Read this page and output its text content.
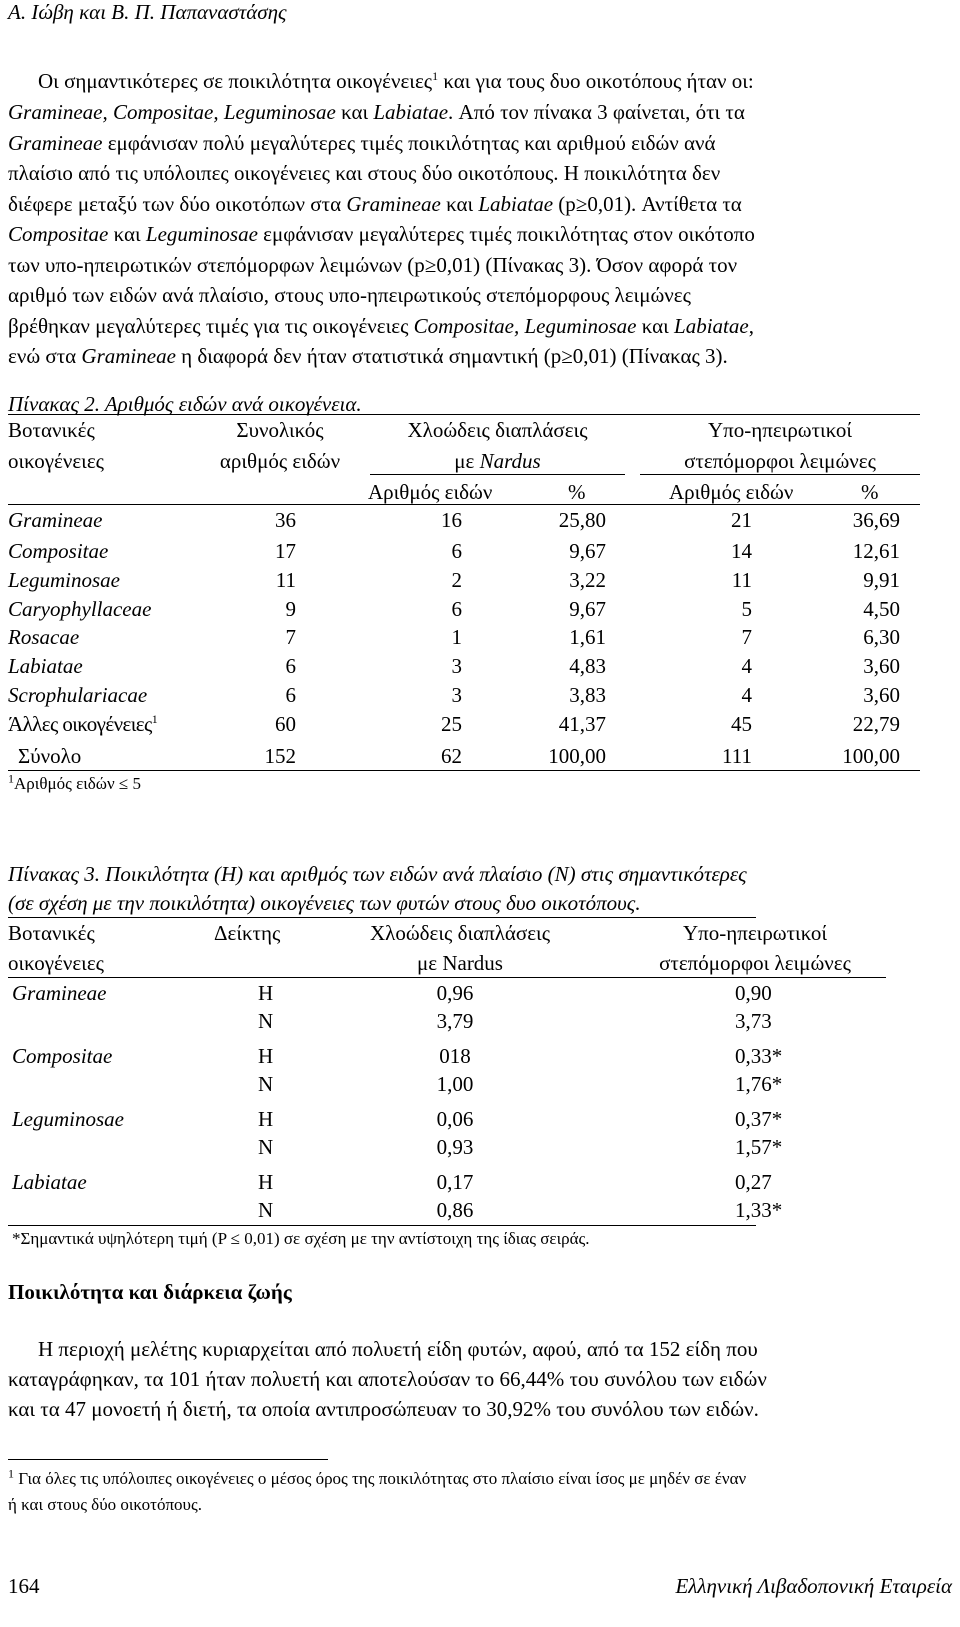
Α. Ιώβη και Β. Π. Παπαναστάσης
Οι σημαντικότερες σε ποικιλότητα οικογένειες$^1$ και για τους δυο οικοτόπους ήταν οι:
Gramineae, Compositae, Leguminosae και Labiatae. Από τον πίνακα 3 φαίνεται, ότι τα
Gramineae εμφάνισαν πολύ μεγαλύτερες τιμές ποικιλότητας και αριθμού ειδών ανά
πλαίσιο από τις υπόλοιπες οικογένειες και στους δύο οικοτόπους. Η ποικιλότητα δεν
διέφερε μεταξύ των δύο οικοτόπων στα Gramineae και Labiatae (p≥0,01). Αντίθετα τα
Compositae και Leguminosae εμφάνισαν μεγαλύτερες τιμές ποικιλότητας στον οικότοπο
των υπο-ηπειρωτικών στεπόμορφων λειμώνων (p≥0,01) (Πίνακας 3). Όσον αφορά τον
αριθμό των ειδών ανά πλαίσιο, στους υπο-ηπειρωτικούς στεπόμορφους λειμώνες
βρέθηκαν μεγαλύτερες τιμές για τις οικογένειες Compositae, Leguminosae και Labiatae,
ενώ στα Gramineae η διαφορά δεν ήταν στατιστικά σημαντική (p≥0,01) (Πίνακας 3).
Πίνακας 2. Αριθμός ειδών ανά οικογένεια.
Βοτανικές
οικογένειες
Συνολικός
αριθμός ειδών
Χλοώδεις διαπλάσεις
με Nardus
Υπο-ηπειρωτικοί
στεπόμορφοι λειμώνες
Αριθμός ειδών	%	Αριθμός ειδών	%
Gramineae	36	16	25,80	21	36,69
Compositae	17	6	9,67	14	12,61
Leguminosae	11	2	3,22	11	9,91
Caryophyllaceae	9	6	9,67	5	4,50
Rosacae	7	1	1,61	7	6,30
Labiatae	6	3	4,83	4	3,60
Scrophulariacae	6	3	3,83	4	3,60
Άλλες οικογένειες$^1$	60	25	41,37	45	22,79
Σύνολο	152	62	100,00	111	100,00
$^1$Αριθμός ειδών ≤ 5
Πίνακας 3. Ποικιλότητα (H) και αριθμός των ειδών ανά πλαίσιο (N) στις σημαντικότερες
(σε σχέση με την ποικιλότητα) οικογένειες των φυτών στους δυο οικοτόπους.
Βοτανικές
οικογένειες
Δείκτης	Χλοώδεις διαπλάσεις
με Nardus
Υπο-ηπειρωτικοί
στεπόμορφοι λειμώνες
Gramineae	H	0,96	0,90
N	3,79	3,73
Compositae	H	018	0,33*
N	1,00	1,76*
Leguminosae	H	0,06	0,37*
N	0,93	1,57*
Labiatae	H	0,17	0,27
N	0,86	1,33*
*Σημαντικά υψηλότερη τιμή (P ≤ 0,01) σε σχέση με την αντίστοιχη της ίδιας σειράς.
Ποικιλότητα και διάρκεια ζωής
Η περιοχή μελέτης κυριαρχείται από πολυετή είδη φυτών, αφού, από τα 152 είδη που
καταγράφηκαν, τα 101 ήταν πολυετή και αποτελούσαν το 66,44% του συνόλου των ειδών
και τα 47 μονοετή ή διετή, τα οποία αντιπροσώπευαν το 30,92% του συνόλου των ειδών.
$^1$ Για όλες τις υπόλοιπες οικογένειες ο μέσος όρος της ποικιλότητας στο πλαίσιο είναι ίσος με μηδέν σε έναν
ή και στους δύο οικοτόπους.
164	Ελληνική Λιβαδοπονική Εταιρεία
